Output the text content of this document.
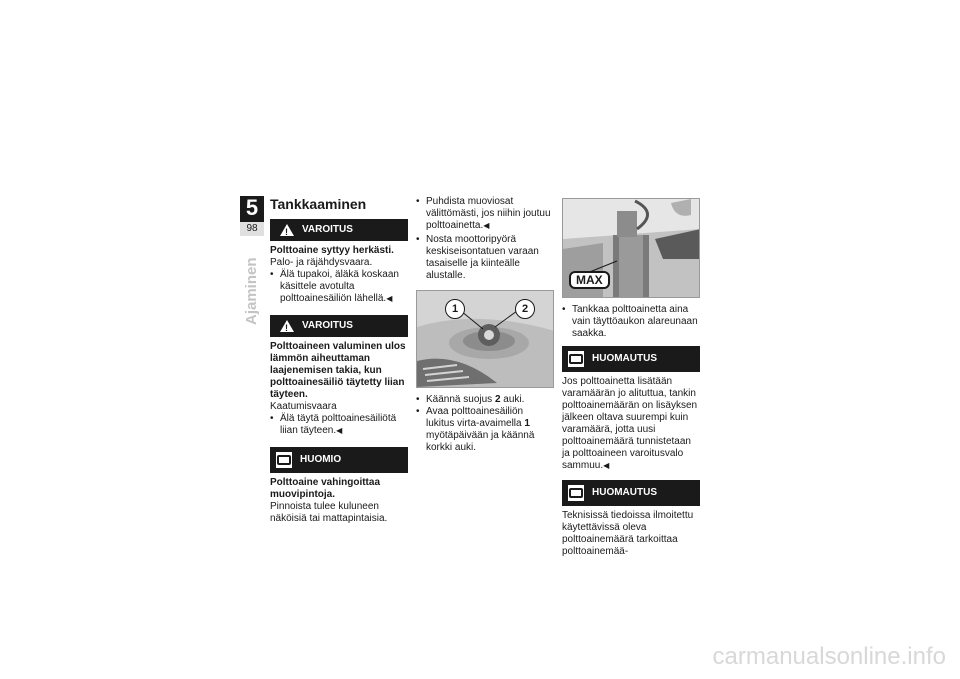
5
98
Ajaminen
Tankkaaminen
!
VAROITUS

Polttoaine syttyy herkästi.

Palo- ja räjähdysvaara.

• Älä tupakoi, äläkä koskaan käsittele avotulta polttoainesäiliön lähellä.◀
!
VAROITUS

Polttoaineen valuminen ulos lämmön aiheuttaman laajenemisen takia, kun polttoainesäiliö täytetty liian täyteen.

Kaatumisvaara

• Älä täytä polttoainesäiliötä liian täyteen.◀
HUOMIO

Polttoaine vahingoittaa muovipintoja.

Pinnoista tulee kuluneen näköisiä tai mattapintaisia.

• Puhdista muoviosat välittömästi, jos niihin joutuu polttoainetta.◀
• Nosta moottoripyörä keskiseisontatuen varaan tasaiselle ja kiinteälle alustalle.
1	2
• Käännä suojus 2 auki.
• Avaa polttoainesäiliön lukitus virta-avaimella 1 myötäpäivään ja käännä korkki auki.
MAX
• Tankkaa polttoainetta aina vain täyttöaukon alareunaan saakka.
HUOMAUTUS

Jos polttoainetta lisätään varamäärän jo alituttua, tankin polttoainemäärän on lisäyksen jälkeen oltava suurempi kuin varamäärä, jotta uusi polttoainemäärä tunnistetaan ja polttoaineen varoitusvalo sammuu.◀

HUOMAUTUS

Teknisissä tiedoissa ilmoitettu käytettävissä oleva polttoainemäärä tarkoittaa polttoainemää-

carmanualsonline.info
